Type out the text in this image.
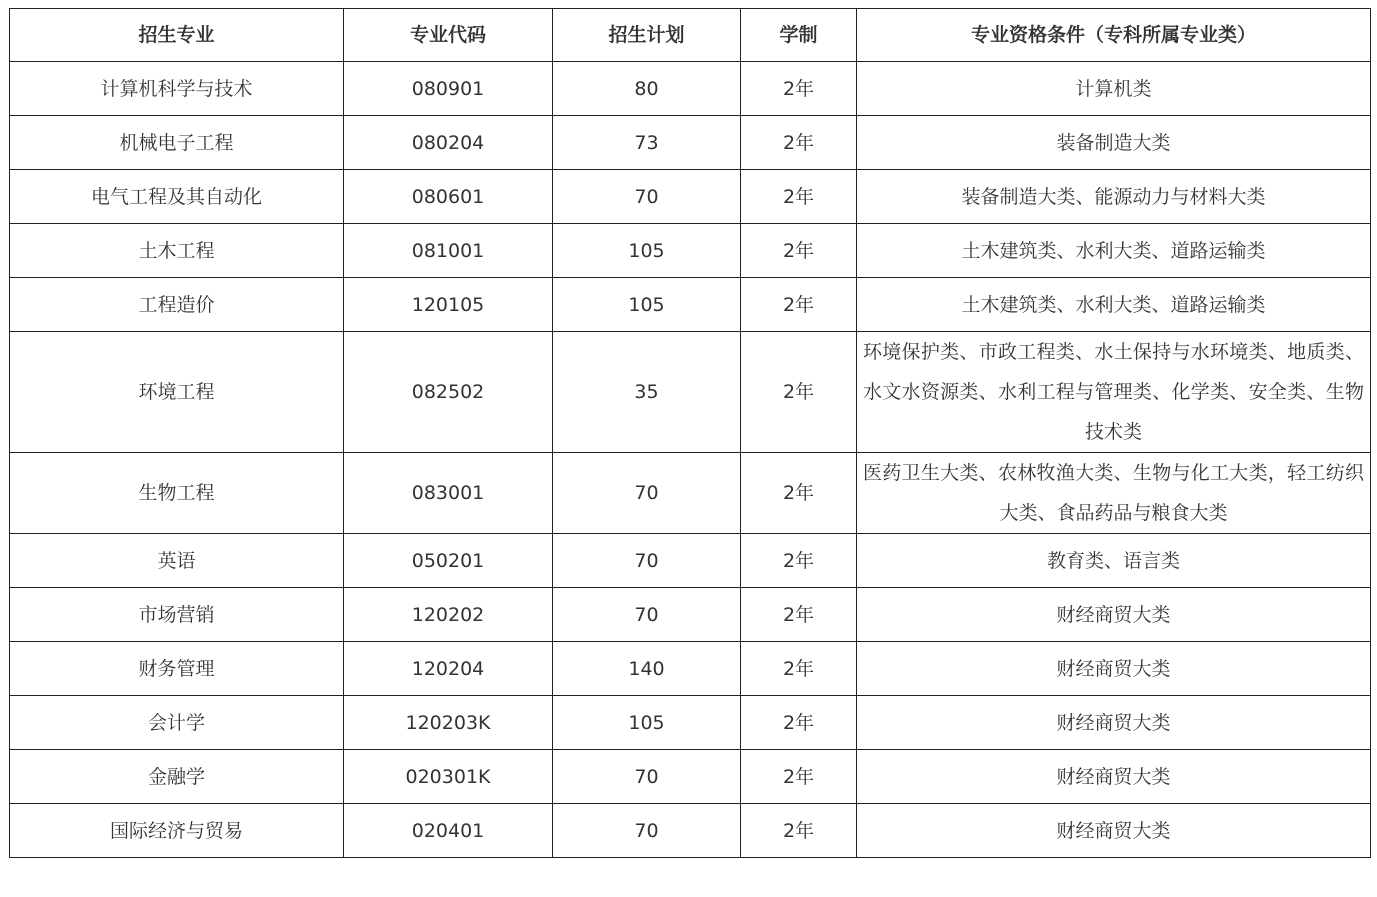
招生专业	专业代码	招生计划	学制	专业资格条件（专科所属专业类）
计算机科学与技术	080901	80	2年	计算机类
机械电子工程	080204	73	2年	装备制造大类
电气工程及其自动化	080601	70	2年	装备制造大类、能源动力与材料大类
土木工程	081001	105	2年	土木建筑类、水利大类、道路运输类
工程造价	120105	105	2年	土木建筑类、水利大类、道路运输类
环境工程	082502	35	2年	环境保护类、市政工程类、水土保持与水环境类、地质类、水文水资源类、水利工程与管理类、化学类、安全类、生物技术类
生物工程	083001	70	2年	医药卫生大类、农林牧渔大类、生物与化工大类，轻工纺织大类、食品药品与粮食大类
英语	050201	70	2年	教育类、语言类
市场营销	120202	70	2年	财经商贸大类
财务管理	120204	140	2年	财经商贸大类
会计学	120203K	105	2年	财经商贸大类
金融学	020301K	70	2年	财经商贸大类
国际经济与贸易	020401	70	2年	财经商贸大类
